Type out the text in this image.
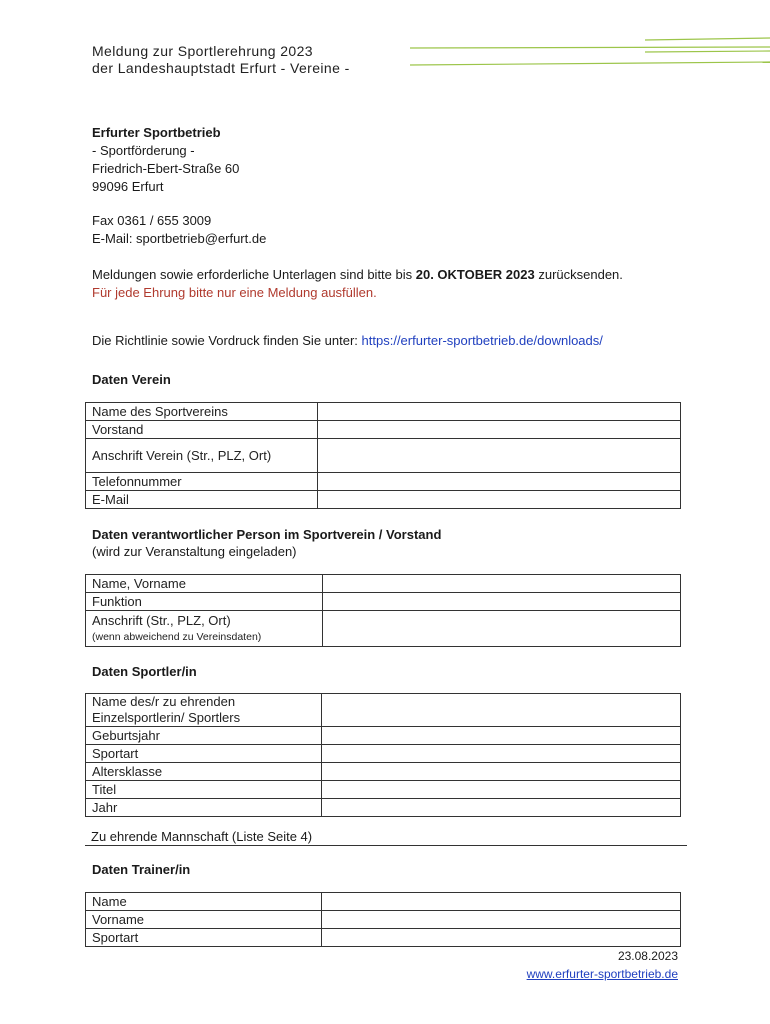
Meldung zur Sportlerehrung 2023
der Landeshauptstadt Erfurt - Vereine -
Erfurter Sportbetrieb
- Sportförderung -
Friedrich-Ebert-Straße 60
99096 Erfurt
Fax 0361 / 655 3009
E-Mail: sportbetrieb@erfurt.de
Meldungen sowie erforderliche Unterlagen sind bitte bis 20. OKTOBER 2023 zurücksenden.
Für jede Ehrung bitte nur eine Meldung ausfüllen.
Die Richtlinie sowie Vordruck finden Sie unter: https://erfurter-sportbetrieb.de/downloads/
Daten Verein
Name des Sportvereins	
Vorstand	
Anschrift Verein (Str., PLZ, Ort)	
Telefonnummer	
E-Mail	
Daten verantwortlicher Person im Sportverein / Vorstand
(wird zur Veranstaltung eingeladen)
Name, Vorname	
Funktion	

Anschrift (Str., PLZ, Ort)
(wenn abweichend zu Vereinsdaten)	

Daten Sportler/in
Name des/r zu ehrenden
Einzelsportlerin/ Sportlers	

Geburtsjahr	
Sportart	
Altersklasse	
Titel	
Jahr	
Zu ehrende Mannschaft (Liste Seite 4)
Daten Trainer/in
Name	
Vorname	
Sportart	
23.08.2023
www.erfurter-sportbetrieb.de
